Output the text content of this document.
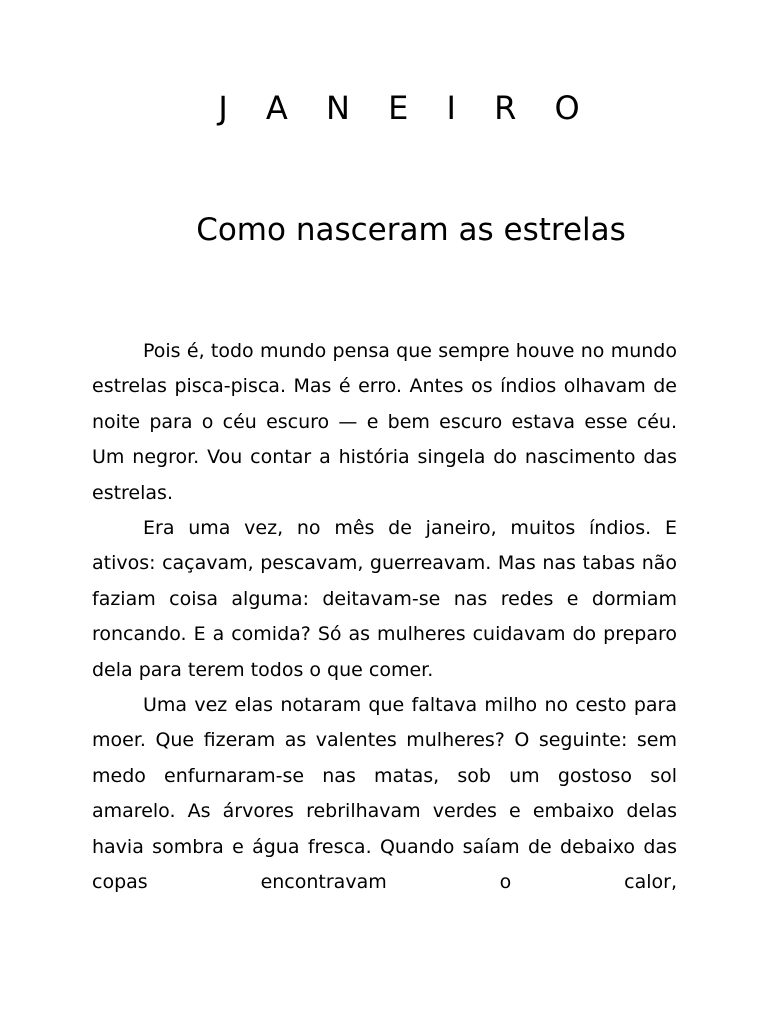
J A N E I R O
Como nasceram as estrelas

Pois é, todo mundo pensa que sempre houve no mundo estrelas pisca-pisca. Mas é erro. Antes os índios olhavam de noite para o céu escuro — e bem escuro estava esse céu. Um negror. Vou contar a história singela do nascimento das estrelas.

Era uma vez, no mês de janeiro, muitos índios. E ativos: caçavam, pescavam, guerreavam. Mas nas tabas não faziam coisa alguma: deitavam-se nas redes e dormiam roncando. E a comida? Só as mulheres cuidavam do preparo dela para terem todos o que comer.

Uma vez elas notaram que faltava milho no cesto para moer. Que fizeram as valentes mulheres? O seguinte: sem medo enfurnaram-se nas matas, sob um gostoso sol amarelo. As árvores rebrilhavam verdes e embaixo delas havia sombra e água fresca. Quando saíam de debaixo das copas encontravam o calor,
